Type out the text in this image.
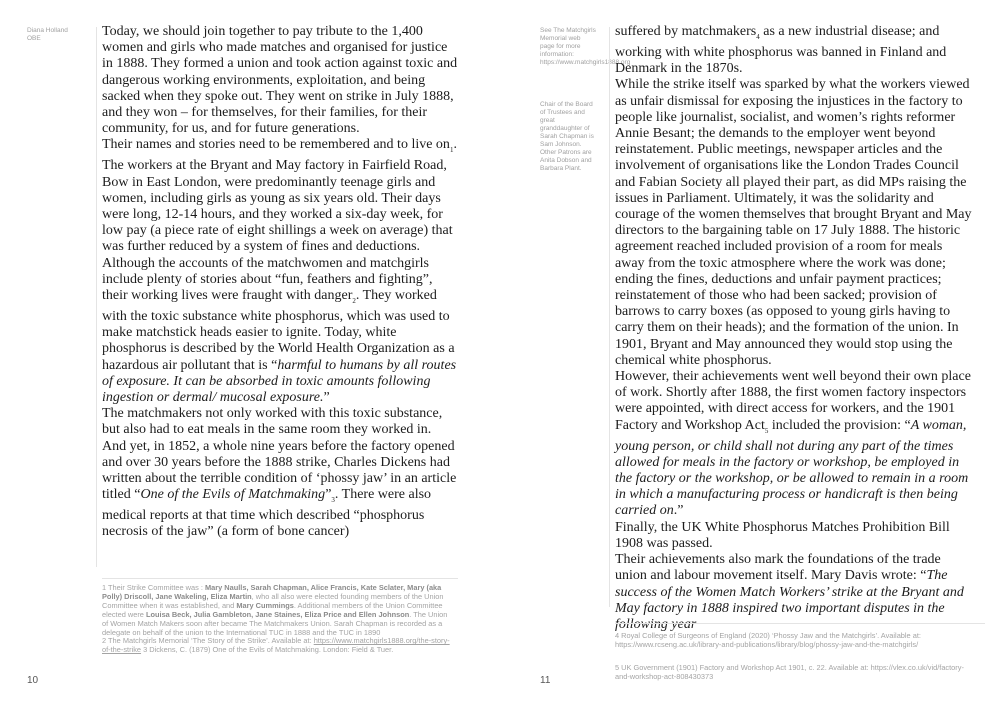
Diana Holland OBE	Today, we should join together to pay tribute to the 1,400 women and girls who made matches and organised for justice in 1888. They formed a union and took action against toxic and dangerous working environments, exploitation, and being sacked when they spoke out. They went on strike in July 1888, and they won – for themselves, for their families, for their community, for us, and for future generations.

Their names and stories need to be remembered and to live $on_1$.

The workers at the Bryant and May factory in Fairfield Road, Bow in East London, were predominantly teenage girls and women, including girls as young as six years old. Their days were long, 12-14 hours, and they worked a six-day week, for low pay (a piece rate of eight shillings a week on average) that was further reduced by a system of fines and deductions. Although the accounts of the matchwomen and matchgirls include plenty of stories about “fun, feathers and fighting”, their working lives were fraught with danger$_2$. They worked with the toxic substance white phosphorus, which was used to make matchstick heads easier to ignite. Today, white phosphorus is described by the World Health Organization as a hazardous air pollutant that is “harmful to humans by all routes of exposure. It can be absorbed in toxic amounts following ingestion or dermal/ mucosal exposure.”

The matchmakers not only worked with this toxic substance, but also had to eat meals in the same room they worked in.

And yet, in 1852, a whole nine years before the factory opened and over 30 years before the 1888 strike, Charles Dickens had written about the terrible condition of ‘phossy jaw’ in an article titled “One of the Evils of $Matchmaking”_3$. There were also medical reports at that time which described “phosphorus necrosis of the jaw” (a form of bone cancer)

1 Their Strike Committee was : Mary Naulls, Sarah Chapman, Alice Francis, Kate Sclater, Mary (aka Polly) Driscoll, Jane Wakeling, Eliza Martin, who all also were elected founding members of the Union Committee when it was established, and Mary Cummings. Additional members of the Union Committee elected were Louisa Beck, Julia Gambleton, Jane Staines, Eliza Price and Ellen Johnson. The Union of Women Match Makers soon after became The Matchmakers Union. Sarah Chapman is recorded as a delegate on behalf of the union to the International TUC in 1888 and the TUC in 1890
2 The Matchgirls Memorial ‘The Story of the Strike’. Available at: https://www.matchgirls1888.org/the-story-of-the-strike 3 Dickens, C. (1879) One of the Evils of Matchmaking. London: Field & Tuer.
10
See The Matchgirls Memorial web page for more information: https://www.matchgirls1888.org
Chair of the Board of Trustees and great granddaughter of Sarah Chapman is Sam Johnson. Other Patrons are Anita Dobson and Barbara Plant.

suffered by matchmakers$_4$ as a new industrial disease; and working with white phosphorus was banned in Finland and Denmark in the 1870s.

While the strike itself was sparked by what the workers viewed as unfair dismissal for exposing the injustices in the factory to people like journalist, socialist, and women’s rights reformer Annie Besant; the demands to the employer went beyond reinstatement. Public meetings, newspaper articles and the involvement of organisations like the London Trades Council and Fabian Society all played their part, as did MPs raising the issues in Parliament. Ultimately, it was the solidarity and courage of the women themselves that brought Bryant and May directors to the bargaining table on 17 July 1888. The historic agreement reached included provision of a room for meals away from the toxic atmosphere where the work was done; ending the fines, deductions and unfair payment practices; reinstatement of those who had been sacked; provision of barrows to carry boxes (as opposed to young girls having to carry them on their heads); and the formation of the union. In 1901, Bryant and May announced they would stop using the chemical white phosphorus.

However, their achievements went well beyond their own place of work. Shortly after 1888, the first women factory inspectors were appointed, with direct access for workers, and the 1901 Factory and Workshop Act$_5$ included the provision: “A woman, young person, or child shall not during any part of the times allowed for meals in the factory or workshop, be employed in the factory or the workshop, or be allowed to remain in a room in which a manufacturing process or handicraft is then being carried on.”

Finally, the UK White Phosphorus Matches Prohibition Bill 1908 was passed.

Their achievements also mark the foundations of the trade union and labour movement itself. Mary Davis wrote: “The success of the Women Match Workers’ strike at the Bryant and May factory in 1888 inspired two important disputes in the following year

4 Royal College of Surgeons of England (2020) ‘Phossy Jaw and the Matchgirls’. Available at: https://www.rcseng.ac.uk/library-and-publications/library/blog/phossy-jaw-and-the-matchgirls/

5 UK Government (1901) Factory and Workshop Act 1901, c. 22. Available at: https://vlex.co.uk/vid/factory-and-workshop-act-808430373

11
